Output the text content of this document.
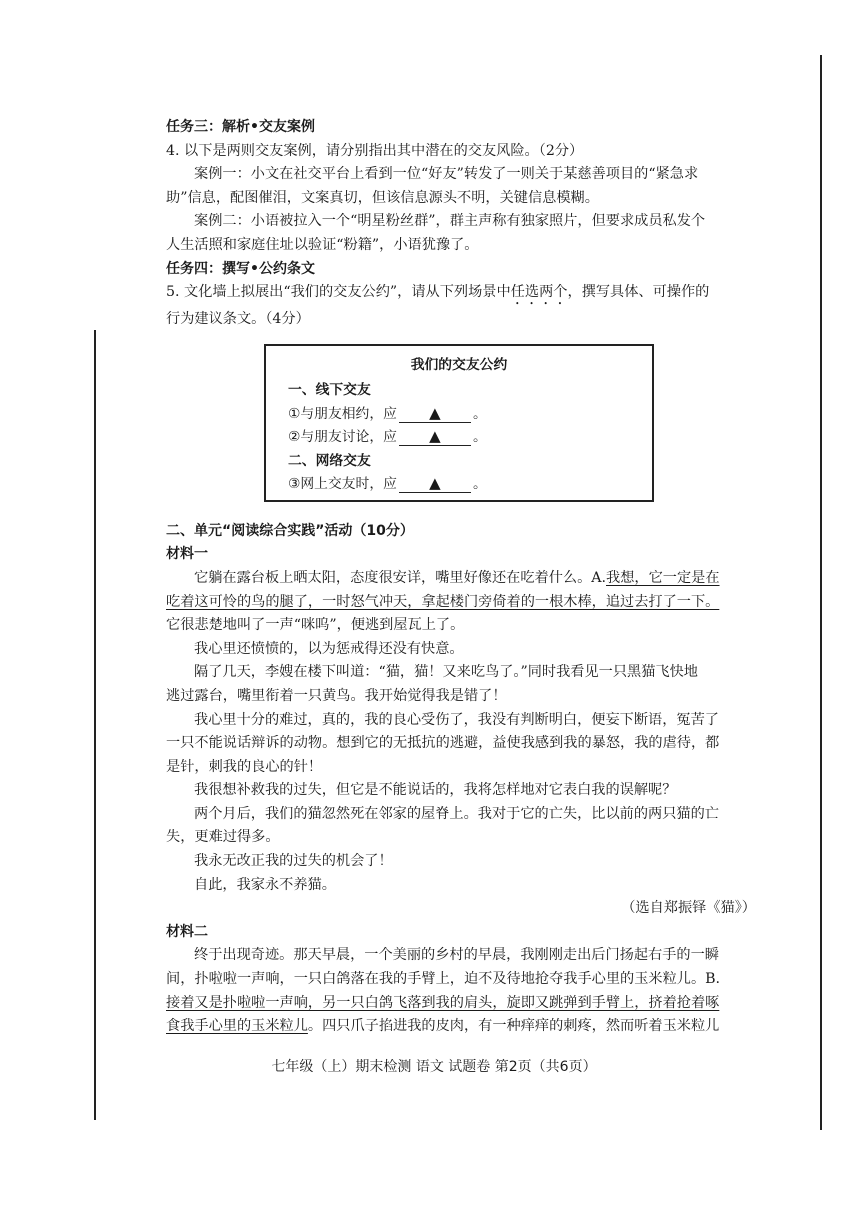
任务三：解析•交友案例
4. 以下是两则交友案例，请分别指出其中潜在的交友风险。（2分）
案例一：小文在社交平台上看到一位“好友”转发了一则关于某慈善项目的“紧急求
助”信息，配图催泪，文案真切，但该信息源头不明，关键信息模糊。
案例二：小语被拉入一个“明星粉丝群”，群主声称有独家照片，但要求成员私发个
人生活照和家庭住址以验证“粉籍”，小语犹豫了。
任务四：撰写•公约条文
5. 文化墙上拟展出“我们的交友公约”，请从下列场景中任选两个，撰写具体、可操作的
行为建议条文。（4分）
我们的交友公约
一、线下交友
①与朋友相约，应 ▲ 。
②与朋友讨论，应 ▲ 。
二、网络交友
③网上交友时，应 ▲ 。
二、单元“阅读综合实践”活动（10分）
材料一
它躺在露台板上晒太阳，态度很安详，嘴里好像还在吃着什么。A.我想，它一定是在
吃着这可怜的鸟的腿了，一时怒气冲天，拿起楼门旁倚着的一根木棒，追过去打了一下。
它很悲楚地叫了一声“咪呜”，便逃到屋瓦上了。
我心里还愤愤的，以为惩戒得还没有快意。
隔了几天，李嫂在楼下叫道：“猫，猫！又来吃鸟了。”同时我看见一只黑猫飞快地
逃过露台，嘴里衔着一只黄鸟。我开始觉得我是错了！
我心里十分的难过，真的，我的良心受伤了，我没有判断明白，便妄下断语，冤苦了
一只不能说话辩诉的动物。想到它的无抵抗的逃避，益使我感到我的暴怒，我的虐待，都
是针，刺我的良心的针！
我很想补救我的过失，但它是不能说话的，我将怎样地对它表白我的误解呢？
两个月后，我们的猫忽然死在邻家的屋脊上。我对于它的亡失，比以前的两只猫的亡
失，更难过得多。
我永无改正我的过失的机会了！
自此，我家永不养猫。
（选自郑振铎《猫》）
材料二
终于出现奇迹。那天早晨，一个美丽的乡村的早晨，我刚刚走出后门扬起右手的一瞬
间，扑啦啦一声响，一只白鸽落在我的手臂上，迫不及待地抢夺我手心里的玉米粒儿。B.
接着又是扑啦啦一声响，另一只白鸽飞落到我的肩头，旋即又跳弹到手臂上，挤着抢着啄
食我手心里的玉米粒儿。四只爪子掐进我的皮肉，有一种痒痒的刺疼，然而听着玉米粒儿
七年级（上）期末检测 语文 试题卷 第2页（共6页）
